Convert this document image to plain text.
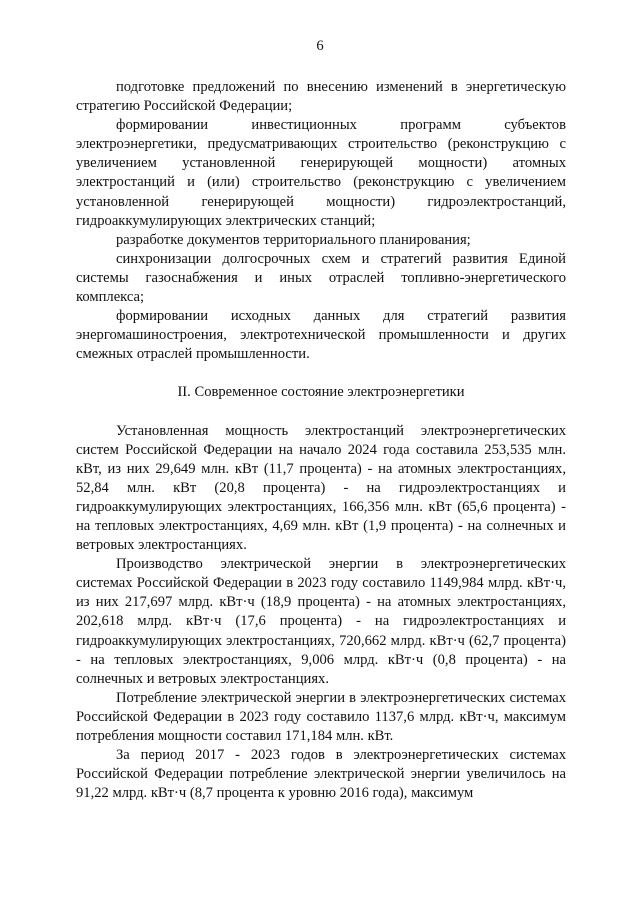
6

подготовке предложений по внесению изменений в энергетическую стратегию Российской Федерации;

формировании инвестиционных программ субъектов электроэнергетики, предусматривающих строительство (реконструкцию с увеличением установленной генерирующей мощности) атомных электростанций и (или) строительство (реконструкцию с увеличением установленной генерирующей мощности) гидроэлектростанций, гидроаккумулирующих электрических станций;

разработке документов территориального планирования;

синхронизации долгосрочных схем и стратегий развития Единой системы газоснабжения и иных отраслей топливно-энергетического комплекса;

формировании исходных данных для стратегий развития энергомашиностроения, электротехнической промышленности и других смежных отраслей промышленности.

II. Современное состояние электроэнергетики

Установленная мощность электростанций электроэнергетических систем Российской Федерации на начало 2024 года составила 253,535 млн. кВт, из них 29,649 млн. кВт (11,7 процента) - на атомных электростанциях, 52,84 млн. кВт (20,8 процента) - на гидроэлектростанциях и гидроаккумулирующих электростанциях, 166,356 млн. кВт (65,6 процента) - на тепловых электростанциях, 4,69 млн. кВт (1,9 процента) - на солнечных и ветровых электростанциях.

Производство электрической энергии в электроэнергетических системах Российской Федерации в 2023 году составило 1149,984 млрд. кВт·ч, из них 217,697 млрд. кВт·ч (18,9 процента) - на атомных электростанциях, 202,618 млрд. кВт·ч (17,6 процента) - на гидроэлектростанциях и гидроаккумулирующих электростанциях, 720,662 млрд. кВт·ч (62,7 процента) - на тепловых электростанциях, 9,006 млрд. кВт·ч (0,8 процента) - на солнечных и ветровых электростанциях.

Потребление электрической энергии в электроэнергетических системах Российской Федерации в 2023 году составило 1137,6 млрд. кВт·ч, максимум потребления мощности составил 171,184 млн. кВт.

За период 2017 - 2023 годов в электроэнергетических системах Российской Федерации потребление электрической энергии увеличилось на 91,22 млрд. кВт·ч (8,7 процента к уровню 2016 года), максимум
